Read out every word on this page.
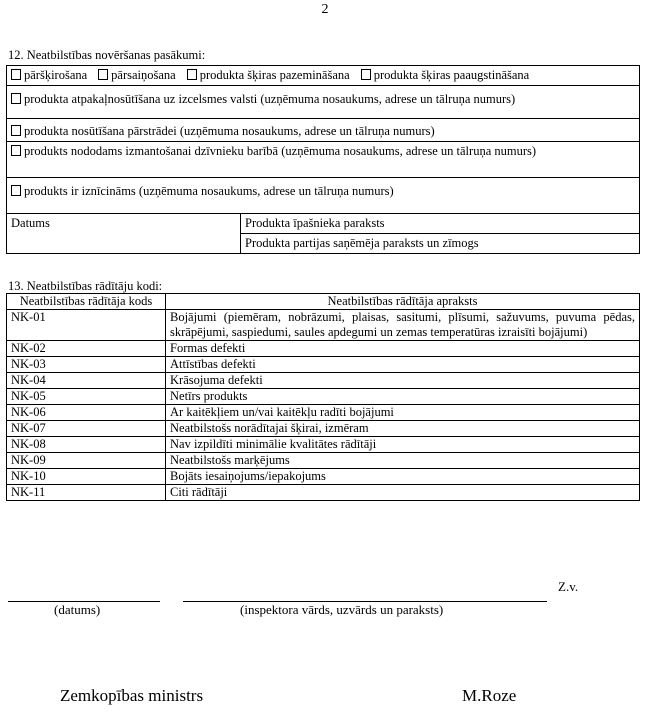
2
12. Neatbilstības novēršanas pasākumi:
pāršķirošana	pārsaiņošana	produkta šķiras pazemināšana	produkta šķiras paaugstināšana

produkta atpakaļnosūtīšana uz izcelsmes valsti (uzņēmuma nosaukums, adrese un tālruņa numurs)
produkta nosūtīšana pārstrādei (uzņēmuma nosaukums, adrese un tālruņa numurs)
produkts nododams izmantošanai dzīvnieku barībā (uzņēmuma nosaukums, adrese un tālruņa numurs)
produkts ir iznīcināms (uzņēmuma nosaukums, adrese un tālruņa numurs)
Datums	Produkta īpašnieka paraksts
Produkta partijas saņēmēja paraksts un zīmogs
13. Neatbilstības rādītāju kodi:
Neatbilstības rādītāja kods	Neatbilstības rādītāja apraksts
NK-01	Bojājumi (piemēram, nobrāzumi, plaisas, sasitumi, plīsumi, sažuvums, puvuma pēdas, skrāpējumi, saspiedumi, saules apdegumi un zemas temperatūras izraisīti bojājumi)
NK-02	Formas defekti
NK-03	Attīstības defekti
NK-04	Krāsojuma defekti
NK-05	Netīrs produkts
NK-06	Ar kaitēkļiem un/vai kaitēkļu radīti bojājumi
NK-07	Neatbilstošs norādītajai šķirai, izmēram
NK-08	Nav izpildīti minimālie kvalitātes rādītāji
NK-09	Neatbilstošs marķējums
NK-10	Bojāts iesaiņojums/iepakojums
NK-11	Citi rādītāji
Z.v.
(datums)	(inspektora vārds, uzvārds un paraksts)
Zemkopības ministrs	M.Roze
